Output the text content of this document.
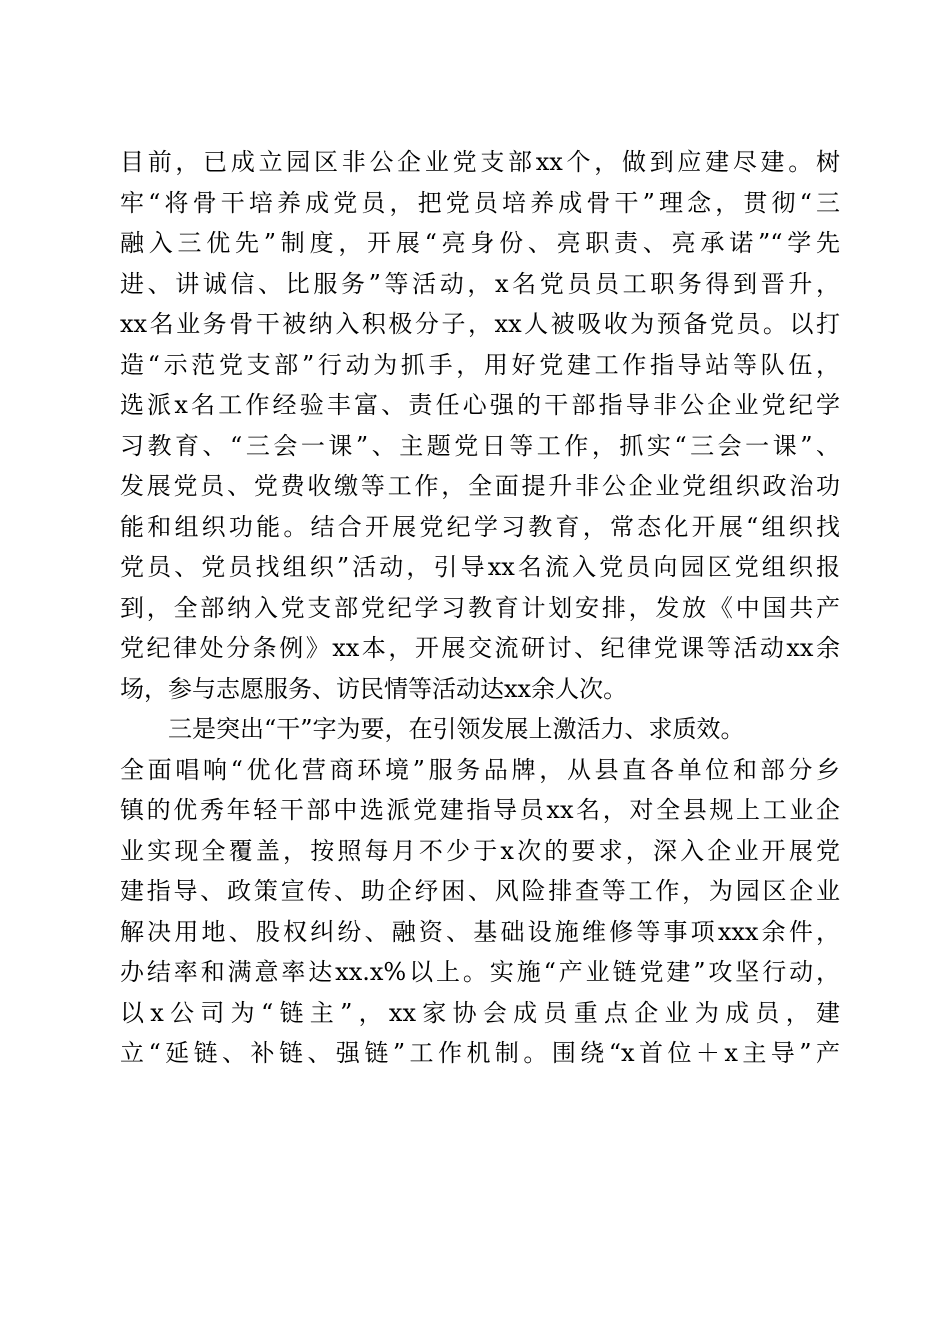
目前，已成立园区非公企业党支部xx个，做到应建尽建。树
牢“将骨干培养成党员，把党员培养成骨干”理念，贯彻“三
融入三优先”制度，开展“亮身份、亮职责、亮承诺”“学先
进、讲诚信、比服务”等活动，x名党员员工职务得到晋升，
xx名业务骨干被纳入积极分子，xx人被吸收为预备党员。以打
造“示范党支部”行动为抓手，用好党建工作指导站等队伍，
选派x名工作经验丰富、责任心强的干部指导非公企业党纪学
习教育、“三会一课”、主题党日等工作，抓实“三会一课”、
发展党员、党费收缴等工作，全面提升非公企业党组织政治功
能和组织功能。结合开展党纪学习教育，常态化开展“组织找
党员、党员找组织”活动，引导xx名流入党员向园区党组织报
到，全部纳入党支部党纪学习教育计划安排，发放《中国共产
党纪律处分条例》xx本，开展交流研讨、纪律党课等活动xx余
场，参与志愿服务、访民情等活动达xx余人次。

三是突出“干”字为要，在引领发展上激活力、求质效。
全面唱响“优化营商环境”服务品牌，从县直各单位和部分乡
镇的优秀年轻干部中选派党建指导员xx名，对全县规上工业企
业实现全覆盖，按照每月不少于x次的要求，深入企业开展党
建指导、政策宣传、助企纾困、风险排查等工作，为园区企业
解决用地、股权纠纷、融资、基础设施维修等事项xxx余件，
办结率和满意率达xx.x%以上。实施“产业链党建”攻坚行动，
以x公司为“链主”，xx家协会成员重点企业为成员，建
立“延链、补链、强链”工作机制。围绕“x首位＋x主导”产
